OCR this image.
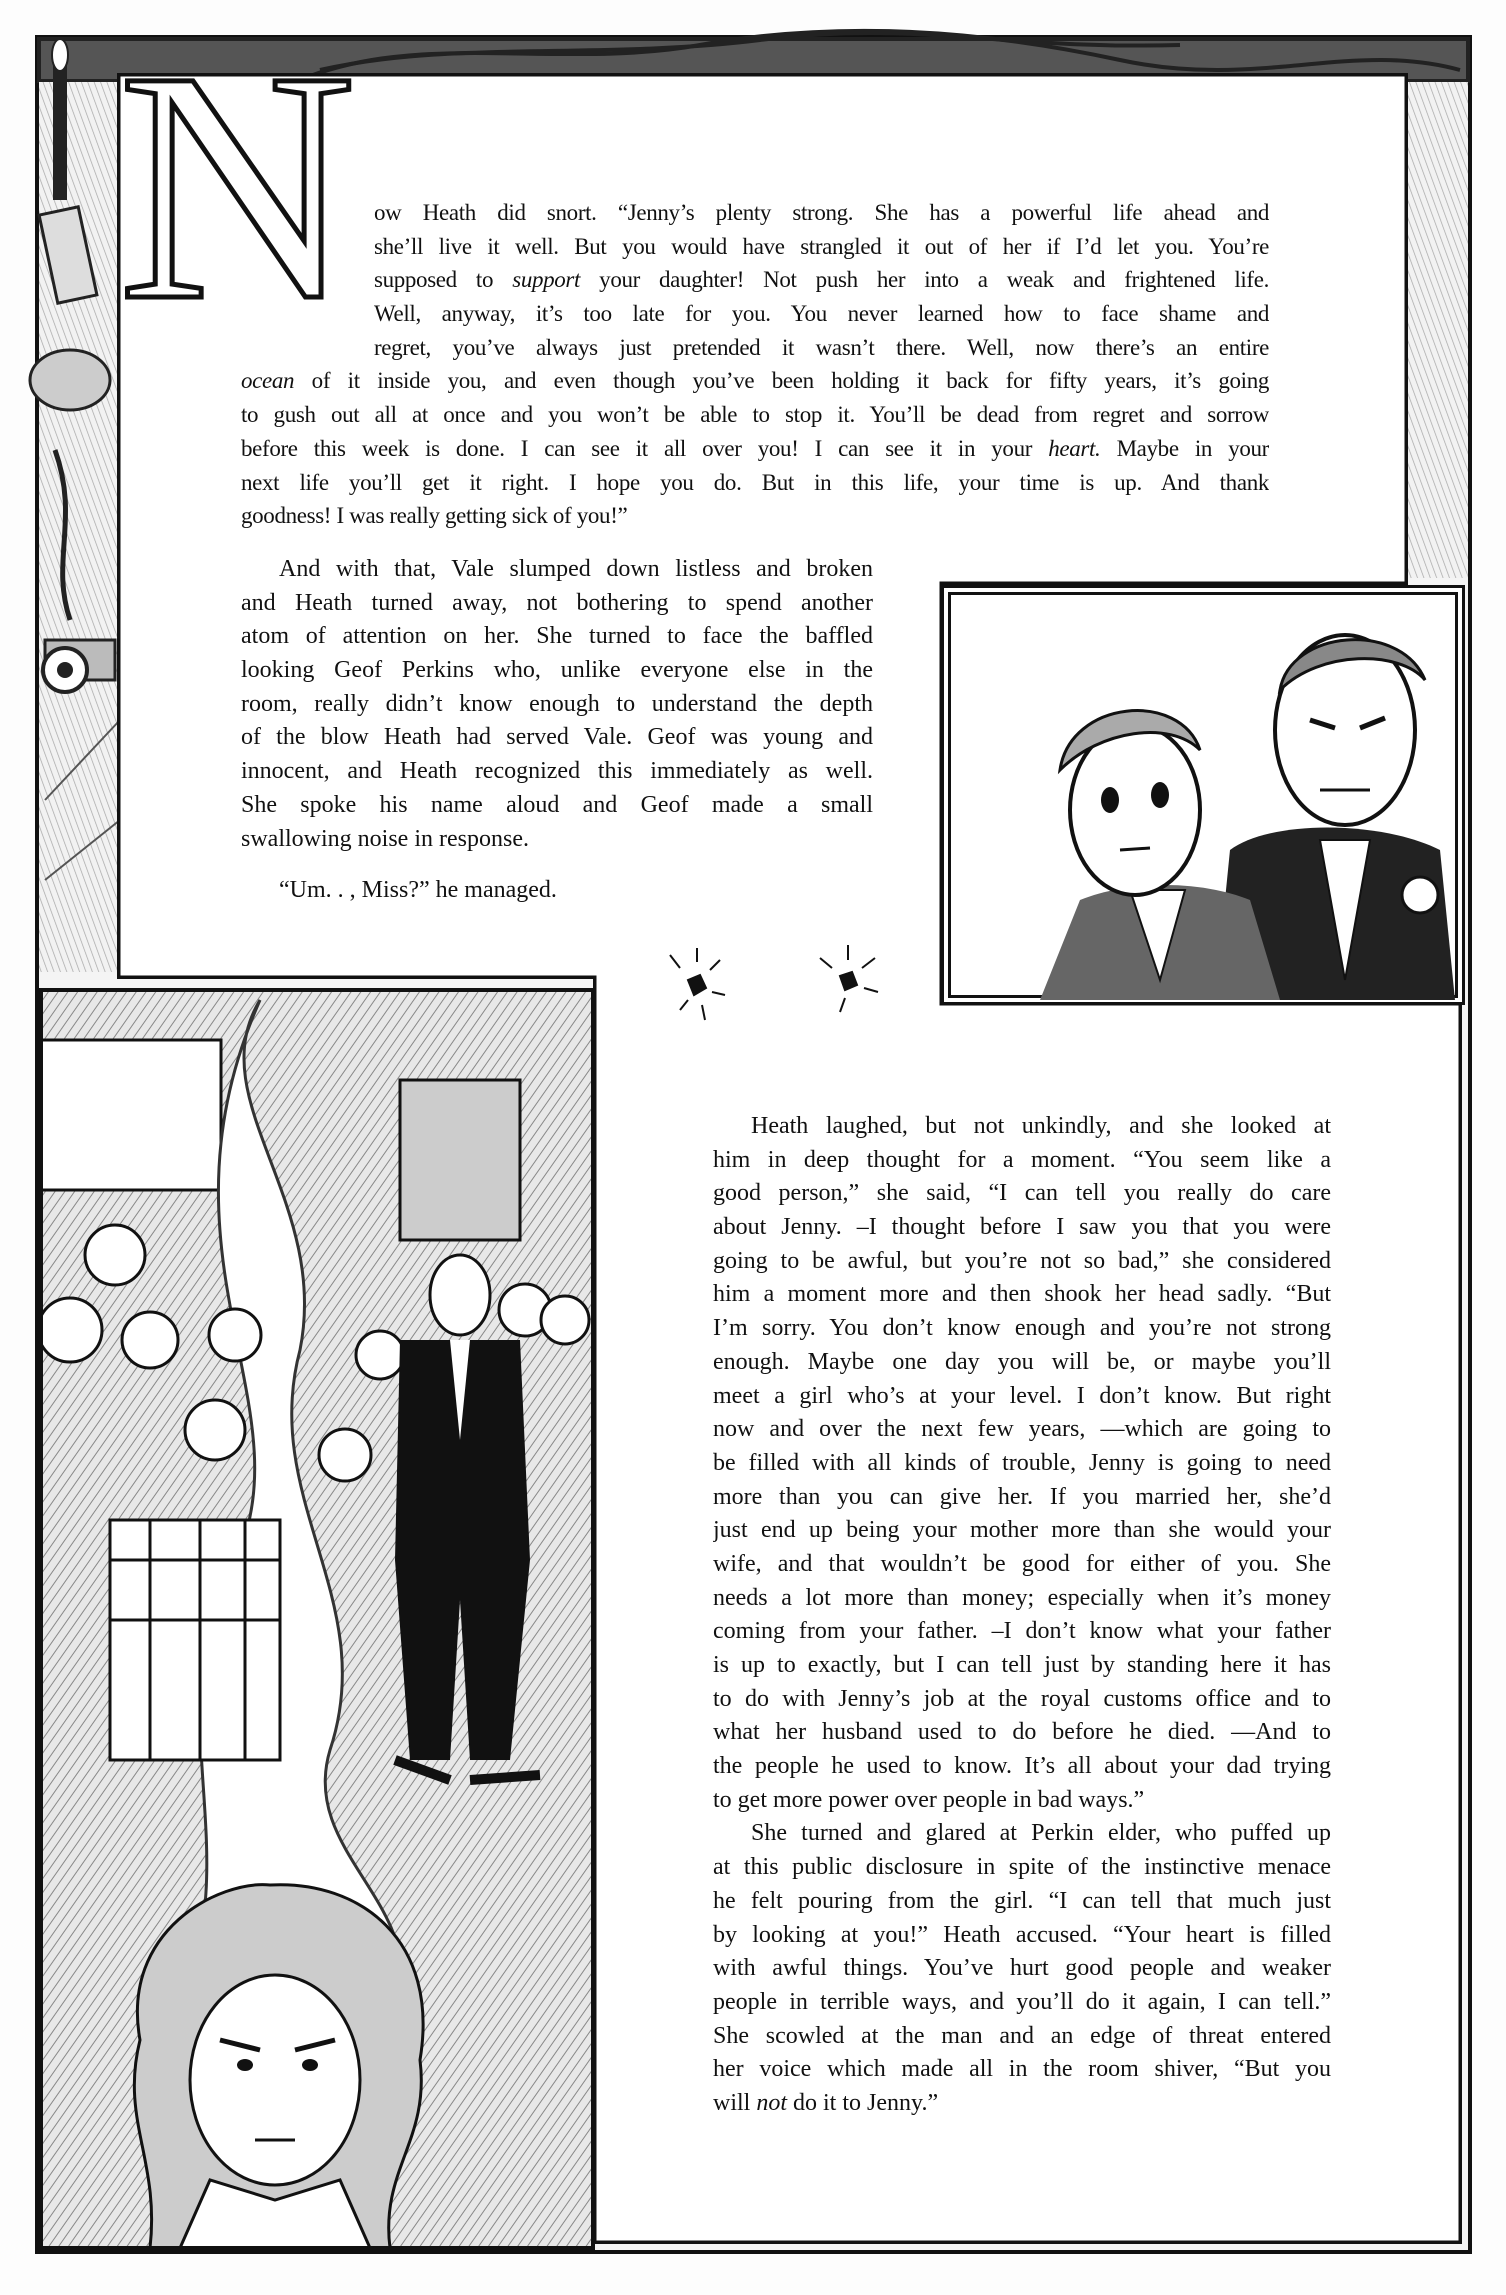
N ow Heath did snort. “Jenny’s plenty strong. She has a powerful life ahead and
she’ll live it well. But you would have strangled it out of her if I’d let you. You’re
supposed to support your daughter! Not push her into a weak and frightened life.
Well, anyway, it’s too late for you. You never learned how to face shame and
regret, you’ve always just pretended it wasn’t there. Well, now there’s an entire
ocean of it inside you, and even though you’ve been holding it back for fifty years, it’s going
to gush out all at once and you won’t be able to stop it. You’ll be dead from regret and sorrow
before this week is done. I can see it all over you! I can see it in your heart. Maybe in your
next life you’ll get it right. I hope you do. But in this life, your time is up. And thank
goodness! I was really getting sick of you!”
And with that, Vale slumped down listless and broken
and Heath turned away, not bothering to spend another
atom of attention on her. She turned to face the baffled
looking Geof Perkins who, unlike everyone else in the
room, really didn’t know enough to understand the depth
of the blow Heath had served Vale. Geof was young and
innocent, and Heath recognized this immediately as well.
She spoke his name aloud and Geof made a small
swallowing noise in response.
“Um. . , Miss?” he managed.
Heath laughed, but not unkindly, and she looked at
him in deep thought for a moment. “You seem like a
good person,” she said, “I can tell you really do care
about Jenny. –I thought before I saw you that you were
going to be awful, but you’re not so bad,” she considered
him a moment more and then shook her head sadly. “But
I’m sorry. You don’t know enough and you’re not strong
enough. Maybe one day you will be, or maybe you’ll
meet a girl who’s at your level. I don’t know. But right
now and over the next few years, —which are going to
be filled with all kinds of trouble, Jenny is going to need
more than you can give her. If you married her, she’d
just end up being your mother more than she would your
wife, and that wouldn’t be good for either of you. She
needs a lot more than money; especially when it’s money
coming from your father. –I don’t know what your father
is up to exactly, but I can tell just by standing here it has
to do with Jenny’s job at the royal customs office and to
what her husband used to do before he died. —And to
the people he used to know. It’s all about your dad trying
to get more power over people in bad ways.”
She turned and glared at Perkin elder, who puffed up
at this public disclosure in spite of the instinctive menace
he felt pouring from the girl. “I can tell that much just
by looking at you!” Heath accused. “Your heart is filled
with awful things. You’ve hurt good people and weaker
people in terrible ways, and you’ll do it again, I can tell.”
She scowled at the man and an edge of threat entered
her voice which made all in the room shiver, “But you
will not do it to Jenny.”
